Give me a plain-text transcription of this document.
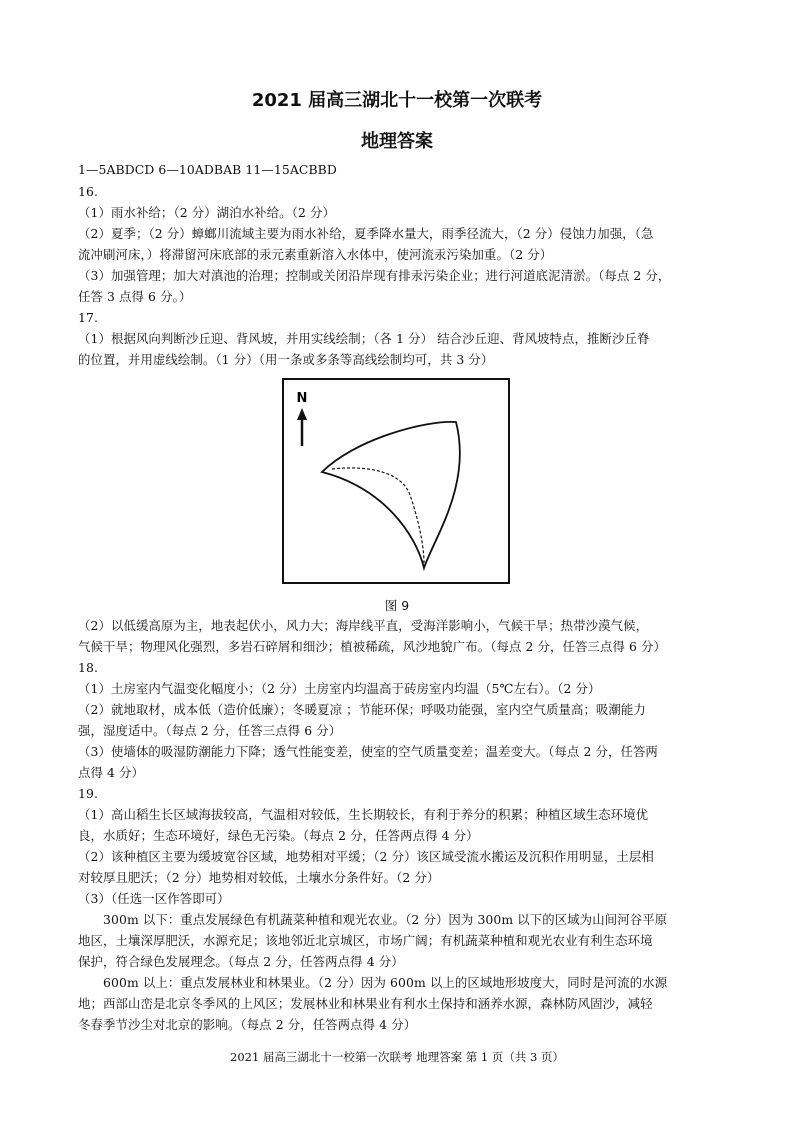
2021 届高三湖北十一校第一次联考
地理答案
1—5ABDCD 6—10ADBAB 11—15ACBBD
16.
（1）雨水补给；（2 分）湖泊水补给。（2 分）
（2）夏季；（2 分）蟑螂川流域主要为雨水补给，夏季降水量大，雨季径流大，（2 分）侵蚀力加强，（急
流冲刷河床，）将滞留河床底部的汞元素重新溶入水体中，使河流汞污染加重。（2 分）
（3）加强管理；加大对滇池的治理；控制或关闭沿岸现有排汞污染企业；进行河道底泥清淤。（每点 2 分，
任答 3 点得 6 分。）
17.
（1）根据风向判断沙丘迎、背风坡，并用实线绘制；（各 1 分） 结合沙丘迎、背风坡特点，推断沙丘脊
的位置，并用虚线绘制。（1 分）（用一条或多条等高线绘制均可，共 3 分）
N
图 9
（2）以低缓高原为主，地表起伏小，风力大；海岸线平直，受海洋影响小，气候干旱；热带沙漠气候，
气候干旱；物理风化强烈，多岩石碎屑和细沙；植被稀疏，风沙地貌广布。（每点 2 分，任答三点得 6 分）
18.
（1）土房室内气温变化幅度小；（2 分）土房室内均温高于砖房室内均温（5℃左右）。（2 分）
（2）就地取材，成本低（造价低廉）；冬暖夏凉 ；节能环保；呼吸功能强，室内空气质量高；吸潮能力
强，湿度适中。（每点 2 分，任答三点得 6 分）
（3）使墙体的吸湿防潮能力下降；透气性能变差，使室的空气质量变差；温差变大。（每点 2 分，任答两
点得 4 分）
19.
（1）高山稻生长区域海拔较高，气温相对较低，生长期较长，有利于养分的积累；种植区域生态环境优
良，水质好；生态环境好，绿色无污染。（每点 2 分，任答两点得 4 分）
（2）该种植区主要为缓坡宽谷区域，地势相对平缓；（2 分）该区域受流水搬运及沉积作用明显，土层相
对较厚且肥沃；（2 分）地势相对较低，土壤水分条件好。（2 分）
（3）（任选一区作答即可）
300m 以下：重点发展绿色有机蔬菜种植和观光农业。（2 分）因为 300m 以下的区域为山间河谷平原
地区，土壤深厚肥沃，水源充足；该地邻近北京城区，市场广阔；有机蔬菜种植和观光农业有利生态环境
保护，符合绿色发展理念。（每点 2 分，任答两点得 4 分）
600m 以上：重点发展林业和林果业。（2 分）因为 600m 以上的区域地形坡度大，同时是河流的水源
地；西部山峦是北京冬季风的上风区；发展林业和林果业有利水土保持和涵养水源，森林防风固沙，减轻
冬春季节沙尘对北京的影响。（每点 2 分，任答两点得 4 分）
2021 届高三湖北十一校第一次联考 地理答案 第 1 页（共 3 页）
